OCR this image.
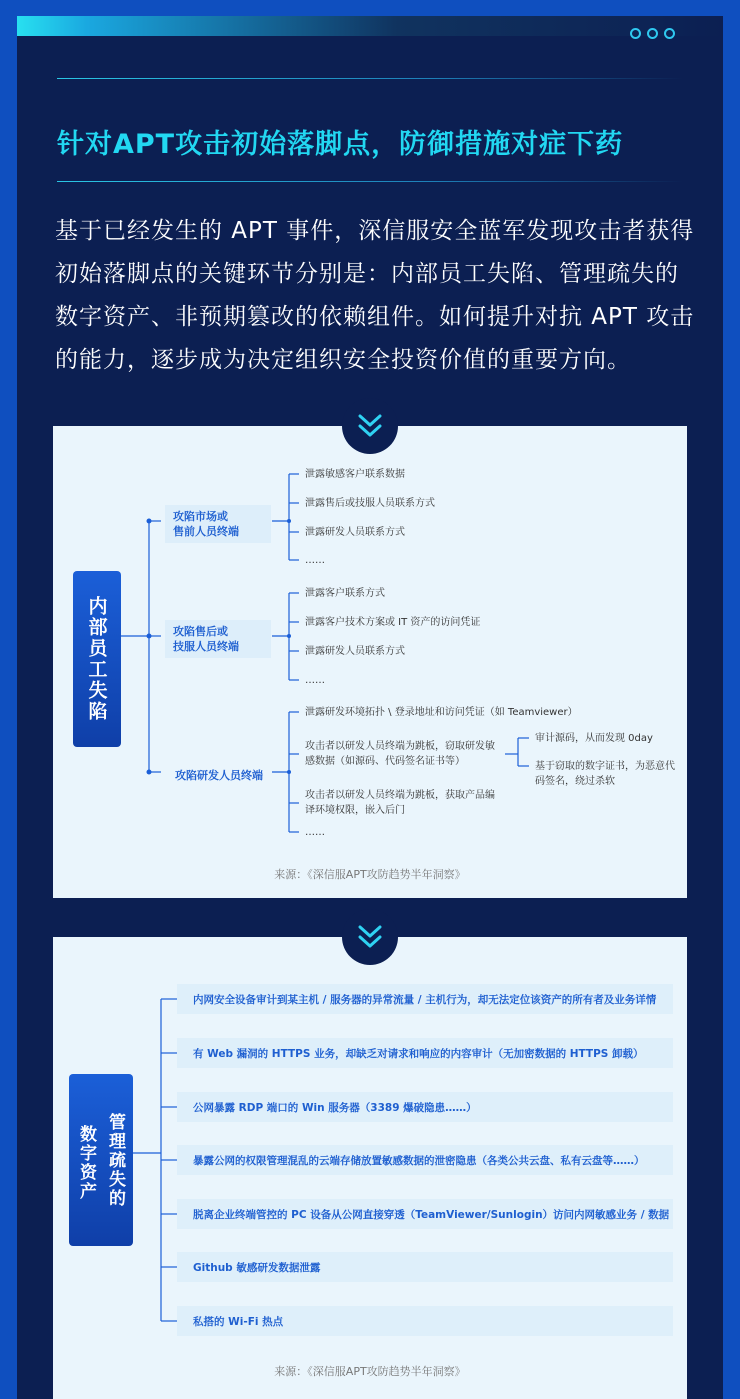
针对APT攻击初始落脚点，防御措施对症下药
基于已经发生的 APT 事件，深信服安全蓝军发现攻击者获得初始落脚点的关键环节分别是：内部员工失陷、管理疏失的数字资产、非预期篡改的依赖组件。如何提升对抗 APT 攻击的能力，逐步成为决定组织安全投资价值的重要方向。
内部员工失陷
攻陷市场或
售前人员终端
攻陷售后或
技服人员终端
攻陷研发人员终端
泄露敏感客户联系数据
泄露售后或技服人员联系方式
泄露研发人员联系方式
……
泄露客户联系方式
泄露客户技术方案或 IT 资产的访问凭证
泄露研发人员联系方式
……
泄露研发环境拓扑 \ 登录地址和访问凭证（如 Teamviewer）
攻击者以研发人员终端为跳板，窃取研发敏感数据（如源码、代码签名证书等）
攻击者以研发人员终端为跳板，获取产品编译环境权限，嵌入后门
……
审计源码，从而发现 0day
基于窃取的数字证书，为恶意代码签名，绕过杀软
来源：《深信服APT攻防趋势半年洞察》
管理疏失的
数字资产
内网安全设备审计到某主机 / 服务器的异常流量 / 主机行为，却无法定位该资产的所有者及业务详情
有 Web 漏洞的 HTTPS 业务，却缺乏对请求和响应的内容审计（无加密数据的 HTTPS 卸载）
公网暴露 RDP 端口的 Win 服务器（3389 爆破隐患……）
暴露公网的权限管理混乱的云端存储放置敏感数据的泄密隐患（各类公共云盘、私有云盘等……）
脱离企业终端管控的 PC 设备从公网直接穿透（TeamViewer/Sunlogin）访问内网敏感业务 / 数据
Github 敏感研发数据泄露
私搭的 Wi-Fi 热点
来源：《深信服APT攻防趋势半年洞察》
